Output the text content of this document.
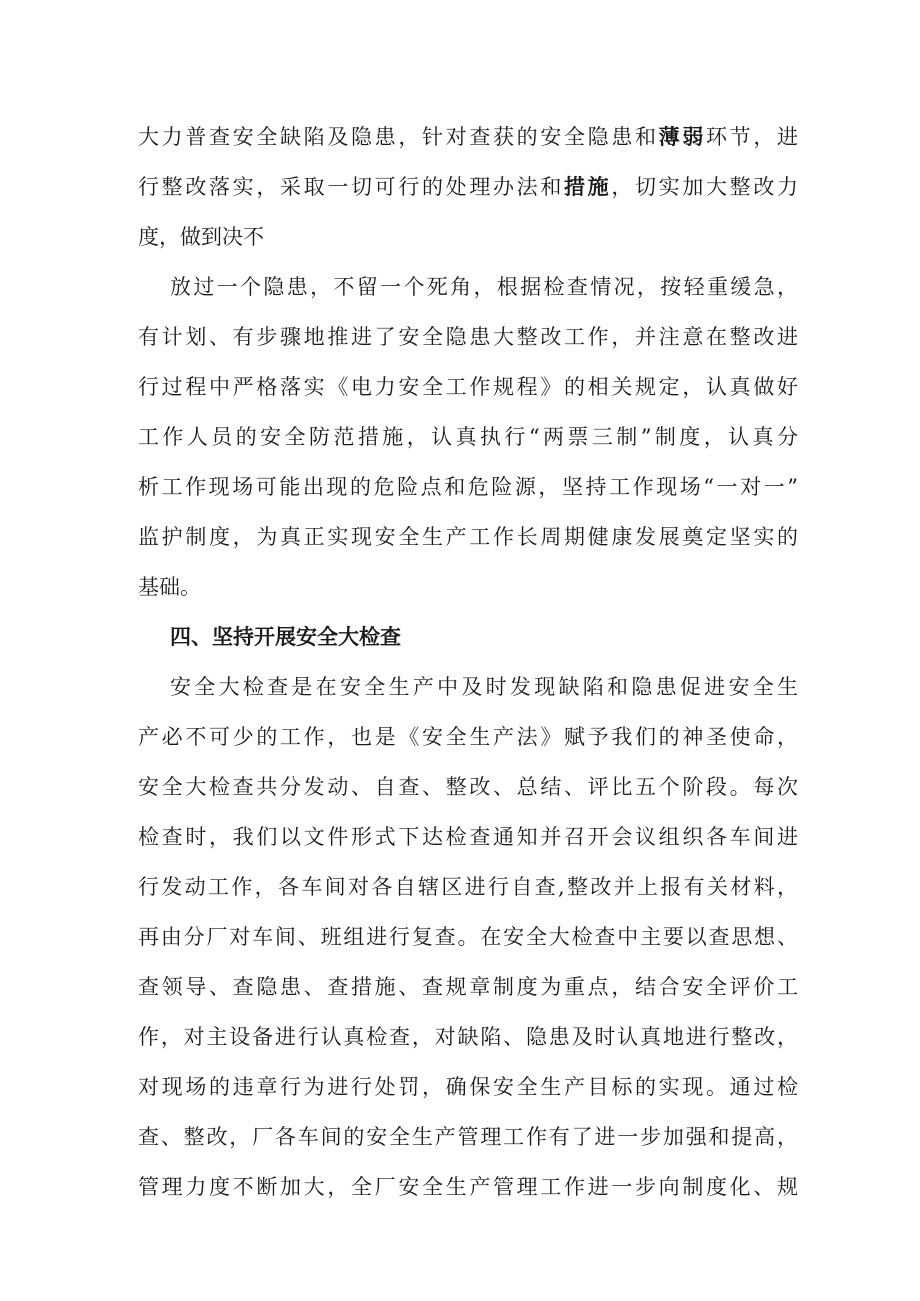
大力普查安全缺陷及隐患，针对查获的安全隐患和薄弱环节，进
行整改落实，采取一切可行的处理办法和措施，切实加大整改力
度，做到决不
放过一个隐患，不留一个死角，根据检查情况，按轻重缓急，
有计划、有步骤地推进了安全隐患大整改工作，并注意在整改进
行过程中严格落实《电力安全工作规程》的相关规定，认真做好
工作人员的安全防范措施，认真执行“两票三制”制度，认真分
析工作现场可能出现的危险点和危险源，坚持工作现场“一对一”
监护制度，为真正实现安全生产工作长周期健康发展奠定坚实的
基础。
四、坚持开展安全大检查
安全大检查是在安全生产中及时发现缺陷和隐患促进安全生
产必不可少的工作，也是《安全生产法》赋予我们的神圣使命，
安全大检查共分发动、自查、整改、总结、评比五个阶段。每次
检查时，我们以文件形式下达检查通知并召开会议组织各车间进
行发动工作，各车间对各自辖区进行自查,整改并上报有关材料，
再由分厂对车间、班组进行复查。在安全大检查中主要以查思想、
查领导、查隐患、查措施、查规章制度为重点，结合安全评价工
作，对主设备进行认真检查，对缺陷、隐患及时认真地进行整改，
对现场的违章行为进行处罚，确保安全生产目标的实现。通过检
查、整改，厂各车间的安全生产管理工作有了进一步加强和提高，
管理力度不断加大，全厂安全生产管理工作进一步向制度化、规
